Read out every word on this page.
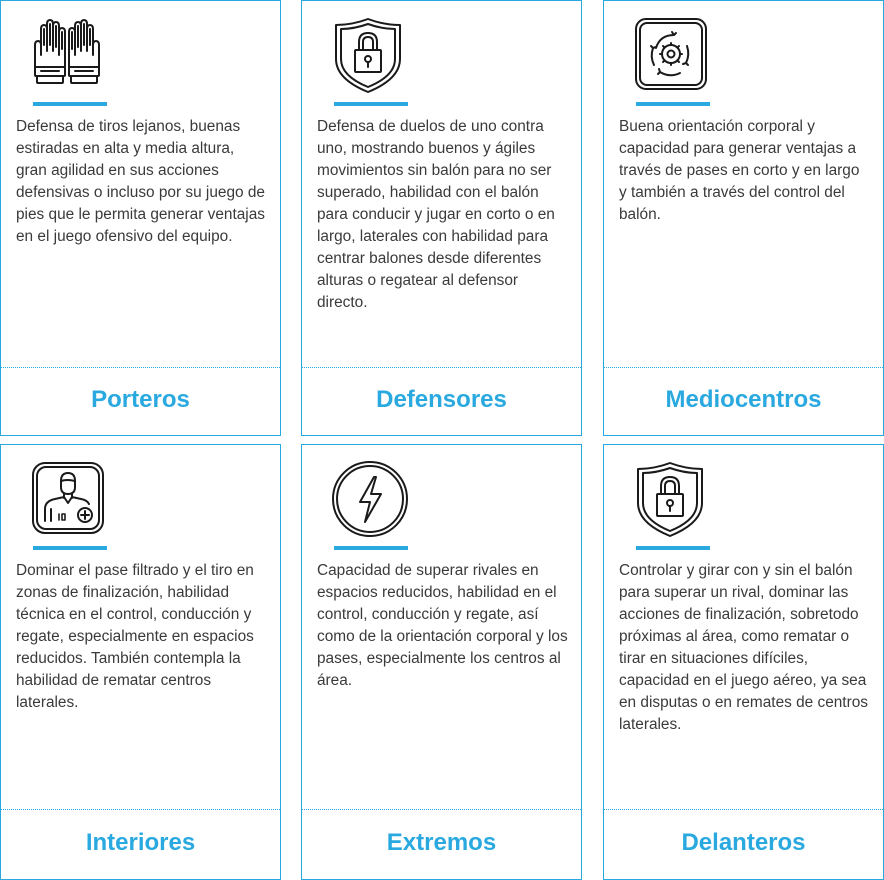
Defensa de tiros lejanos, buenas estiradas en alta y media altura, gran agilidad en sus acciones defensivas o incluso por su juego de pies que le permita generar ventajas en el juego ofensivo del equipo.

Porteros

Defensa de duelos de uno contra uno, mostrando buenos y ágiles movimientos sin balón para no ser superado, habilidad con el balón para conducir y jugar en corto o en largo, laterales con habilidad para centrar balones desde diferentes alturas o regatear al defensor directo.

Defensores

Buena orientación corporal y capacidad para generar ventajas a través de pases en corto y en largo y también a través del control del balón.

Mediocentros

Dominar el pase filtrado y el tiro en zonas de finalización, habilidad técnica en el control, conducción y regate, especialmente en espacios reducidos. También contempla la habilidad de rematar centros laterales.

Interiores

Capacidad de superar rivales en espacios reducidos, habilidad en el control, conducción y regate, así como de la orientación corporal y los pases, especialmente los centros al área.

Extremos

Controlar y girar con y sin el balón para superar un rival, dominar las acciones de finalización, sobretodo próximas al área, como rematar o tirar en situaciones difíciles, capacidad en el juego aéreo, ya sea en disputas o en remates de centros laterales.

Delanteros
